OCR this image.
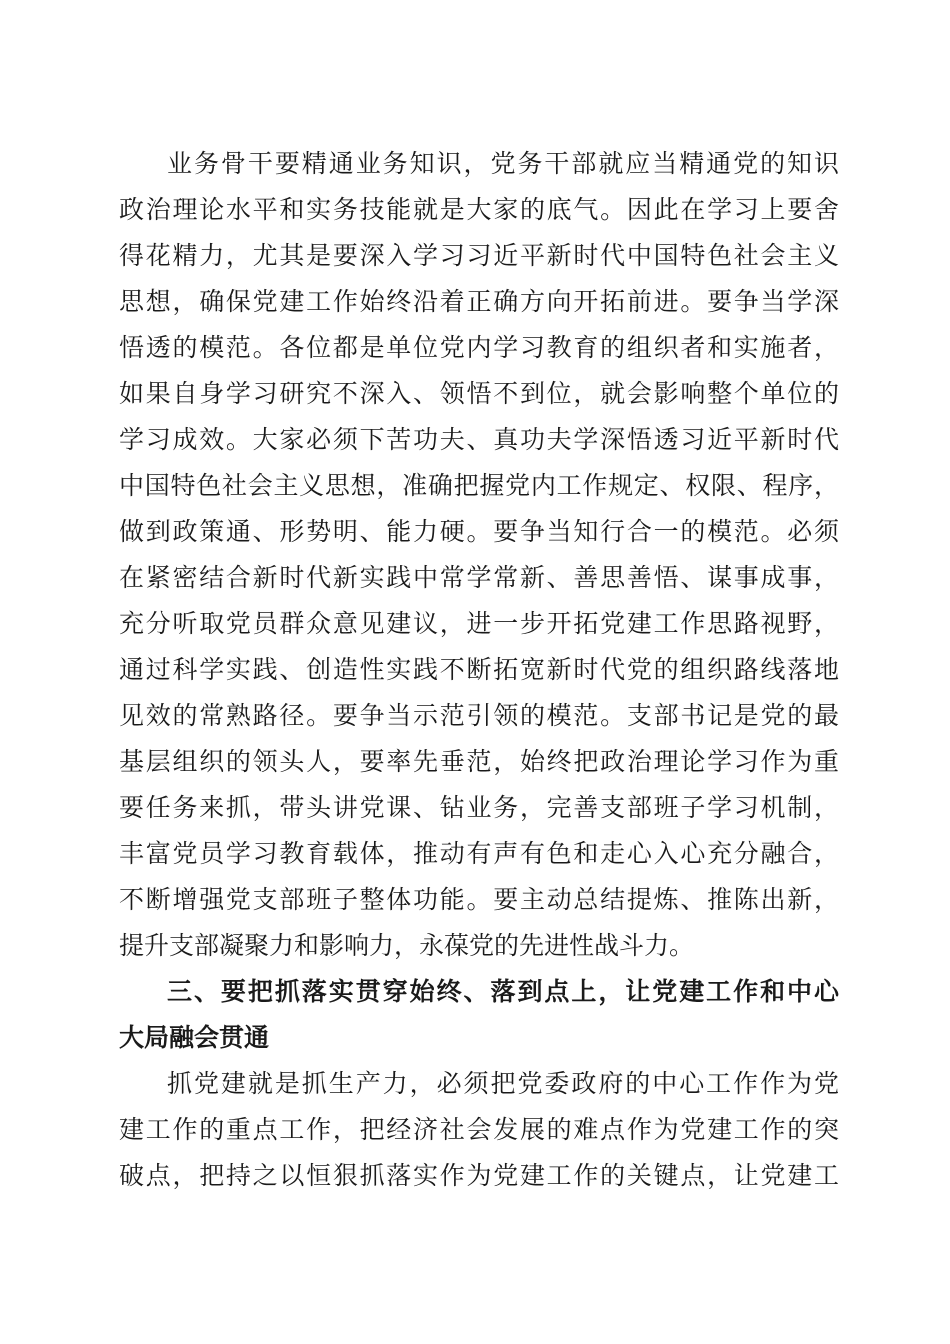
业务骨干要精通业务知识，党务干部就应当精通党的知识
政治理论水平和实务技能就是大家的底气。因此在学习上要舍
得花精力，尤其是要深入学习习近平新时代中国特色社会主义
思想，确保党建工作始终沿着正确方向开拓前进。要争当学深
悟透的模范。各位都是单位党内学习教育的组织者和实施者，
如果自身学习研究不深入、领悟不到位，就会影响整个单位的
学习成效。大家必须下苦功夫、真功夫学深悟透习近平新时代
中国特色社会主义思想，准确把握党内工作规定、权限、程序，
做到政策通、形势明、能力硬。要争当知行合一的模范。必须
在紧密结合新时代新实践中常学常新、善思善悟、谋事成事，
充分听取党员群众意见建议，进一步开拓党建工作思路视野，
通过科学实践、创造性实践不断拓宽新时代党的组织路线落地
见效的常熟路径。要争当示范引领的模范。支部书记是党的最
基层组织的领头人，要率先垂范，始终把政治理论学习作为重
要任务来抓，带头讲党课、钻业务，完善支部班子学习机制，
丰富党员学习教育载体，推动有声有色和走心入心充分融合，
不断增强党支部班子整体功能。要主动总结提炼、推陈出新，
提升支部凝聚力和影响力，永葆党的先进性战斗力。
三、要把抓落实贯穿始终、落到点上，让党建工作和中心
大局融会贯通
抓党建就是抓生产力，必须把党委政府的中心工作作为党
建工作的重点工作，把经济社会发展的难点作为党建工作的突
破点，把持之以恒狠抓落实作为党建工作的关键点，让党建工
